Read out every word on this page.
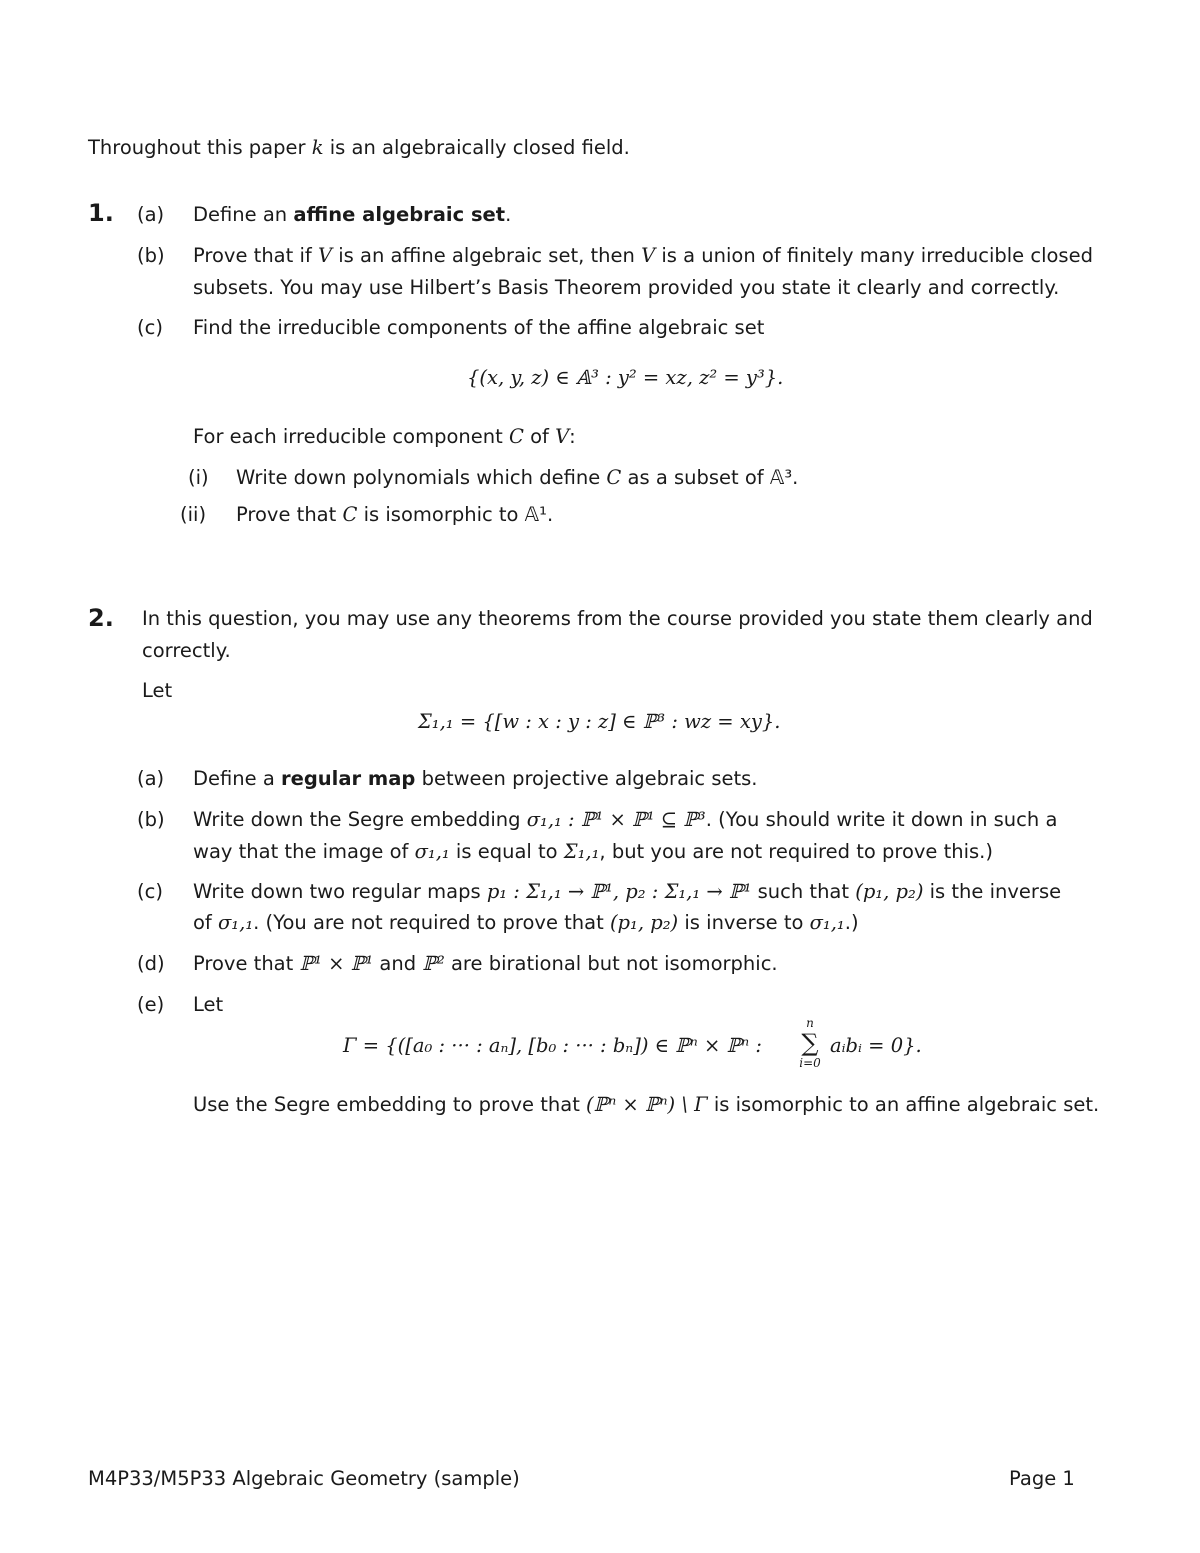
Throughout this paper k is an algebraically closed field.
1. (a) Define an affine algebraic set.
(b) Prove that if V is an affine algebraic set, then V is a union of finitely many irreducible closed
subsets. You may use Hilbert’s Basis Theorem provided you state it clearly and correctly.
(c) Find the irreducible components of the affine algebraic set
{(x, y, z) ∈ 𝔸³ : y² = xz, z² = y³}.
For each irreducible component C of V:
(i) Write down polynomials which define C as a subset of 𝔸³.
(ii) Prove that C is isomorphic to 𝔸¹.
2. In this question, you may use any theorems from the course provided you state them clearly and
correctly.
Let
Σ₁,₁ = {[w : x : y : z] ∈ ℙ³ : wz = xy}.
(a) Define a regular map between projective algebraic sets.
(b) Write down the Segre embedding σ₁,₁ : ℙ¹ × ℙ¹ ⊆ ℙ³. (You should write it down in such a
way that the image of σ₁,₁ is equal to Σ₁,₁, but you are not required to prove this.)
(c) Write down two regular maps p₁ : Σ₁,₁ → ℙ¹, p₂ : Σ₁,₁ → ℙ¹ such that (p₁, p₂) is the inverse
of σ₁,₁. (You are not required to prove that (p₁, p₂) is inverse to σ₁,₁.)
(d) Prove that ℙ¹ × ℙ¹ and ℙ² are birational but not isomorphic.
(e) Let
Γ = {([a₀ : ··· : aₙ], [b₀ : ··· : bₙ]) ∈ ℙⁿ × ℙⁿ :
n
∑
i=0
aᵢbᵢ = 0}.
Use the Segre embedding to prove that (ℙⁿ × ℙⁿ) \ Γ is isomorphic to an affine algebraic set.
M4P33/M5P33 Algebraic Geometry (sample)	Page 1
